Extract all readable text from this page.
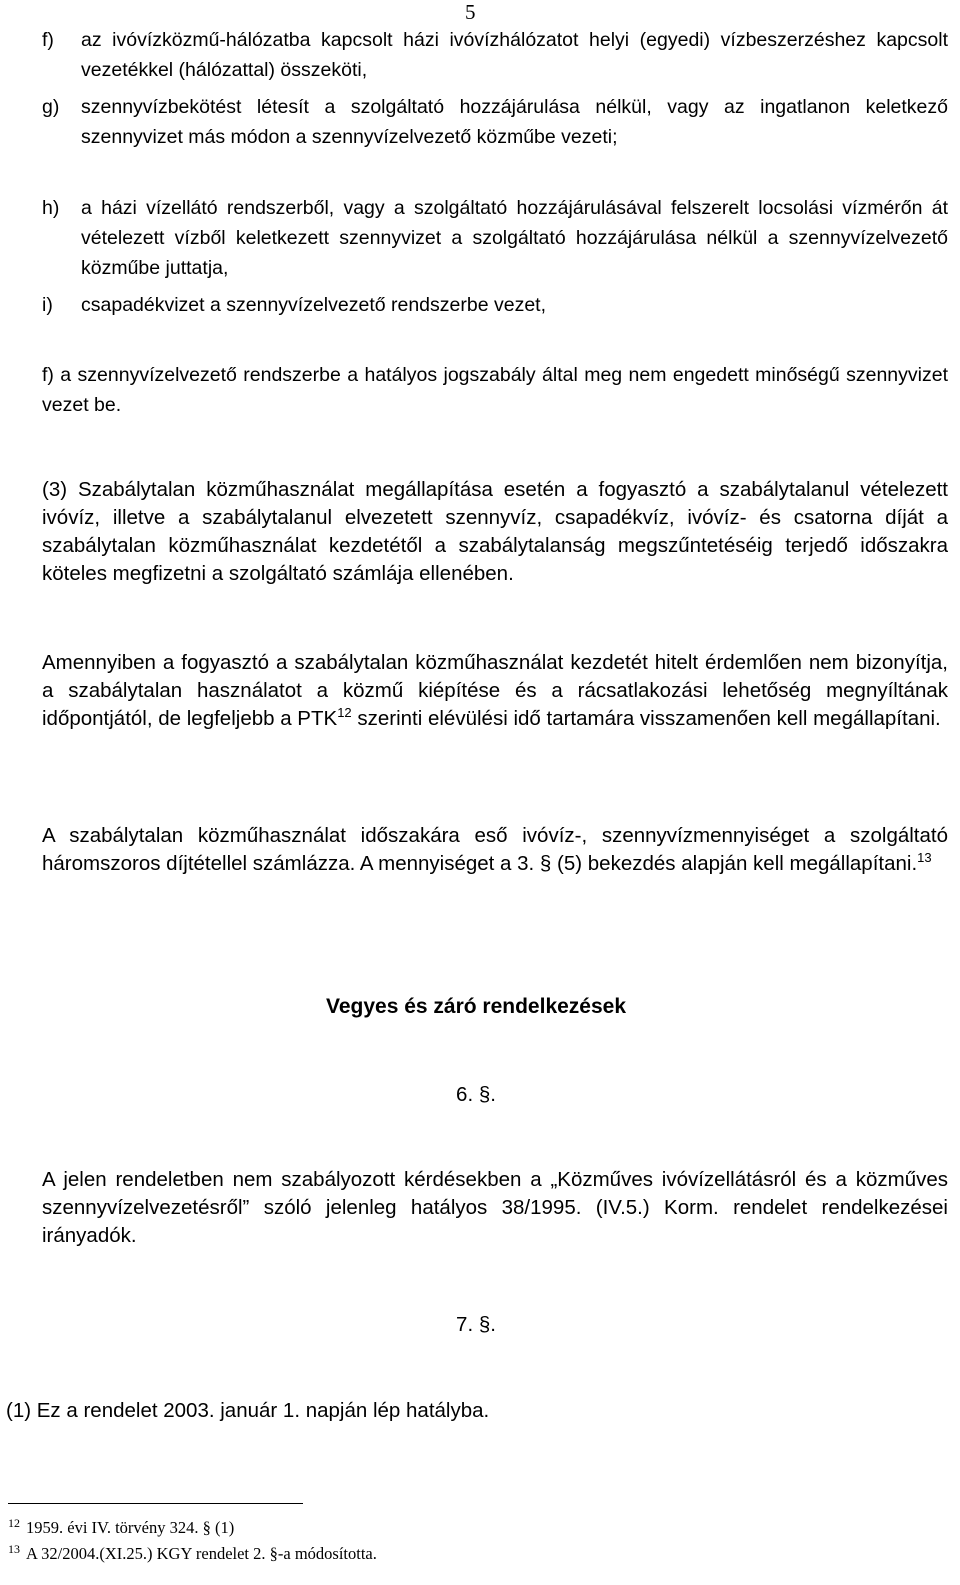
5
f) az ivóvízközmű-hálózatba kapcsolt házi ivóvízhálózatot helyi (egyedi) vízbeszerzéshez kapcsolt vezetékkel (hálózattal) összeköti,
g) szennyvízbekötést létesít a szolgáltató hozzájárulása nélkül, vagy az ingatlanon keletkező szennyvizet más módon a szennyvízelvezető közműbe vezeti;
h) a házi vízellátó rendszerből, vagy a szolgáltató hozzájárulásával felszerelt locsolási vízmérőn át vételezett vízből keletkezett szennyvizet a szolgáltató hozzájárulása nélkül a szennyvízelvezető közműbe juttatja,
i) csapadékvizet a szennyvízelvezető rendszerbe vezet,
f) a szennyvízelvezető rendszerbe a hatályos jogszabály által meg nem engedett minőségű szennyvizet vezet be.
(3) Szabálytalan közműhasználat megállapítása esetén a fogyasztó a szabálytalanul vételezett ivóvíz, illetve a szabálytalanul elvezetett szennyvíz, csapadékvíz, ivóvíz- és csatorna díját a szabálytalan közműhasználat kezdetétől a szabálytalanság megszűntetéséig terjedő időszakra köteles megfizetni a szolgáltató számlája ellenében.
Amennyiben a fogyasztó a szabálytalan közműhasználat kezdetét hitelt érdemlően nem bizonyítja, a szabálytalan használatot a közmű kiépítése és a rácsatlakozási lehetőség megnyíltának időpontjától, de legfeljebb a PTK$^{12}$ szerinti elévülési idő tartamára visszamenően kell megállapítani.
A szabálytalan közműhasználat időszakára eső ivóvíz-, szennyvízmennyiséget a szolgáltató háromszoros díjtétellel számlázza. A mennyiséget a 3. § (5) bekezdés alapján kell megállapítani.$^{13}$
Vegyes és záró rendelkezések
6. §.
A jelen rendeletben nem szabályozott kérdésekben a „Közműves ivóvízellátásról és a közműves szennyvízelvezetésről” szóló jelenleg hatályos 38/1995. (IV.5.) Korm. rendelet rendelkezései irányadók.
7. §.
(1) Ez a rendelet 2003. január 1. napján lép hatályba.
$^{12}$ 1959. évi IV. törvény 324. § (1)
$^{13}$ A 32/2004.(XI.25.) KGY rendelet 2. §-a módosította.
